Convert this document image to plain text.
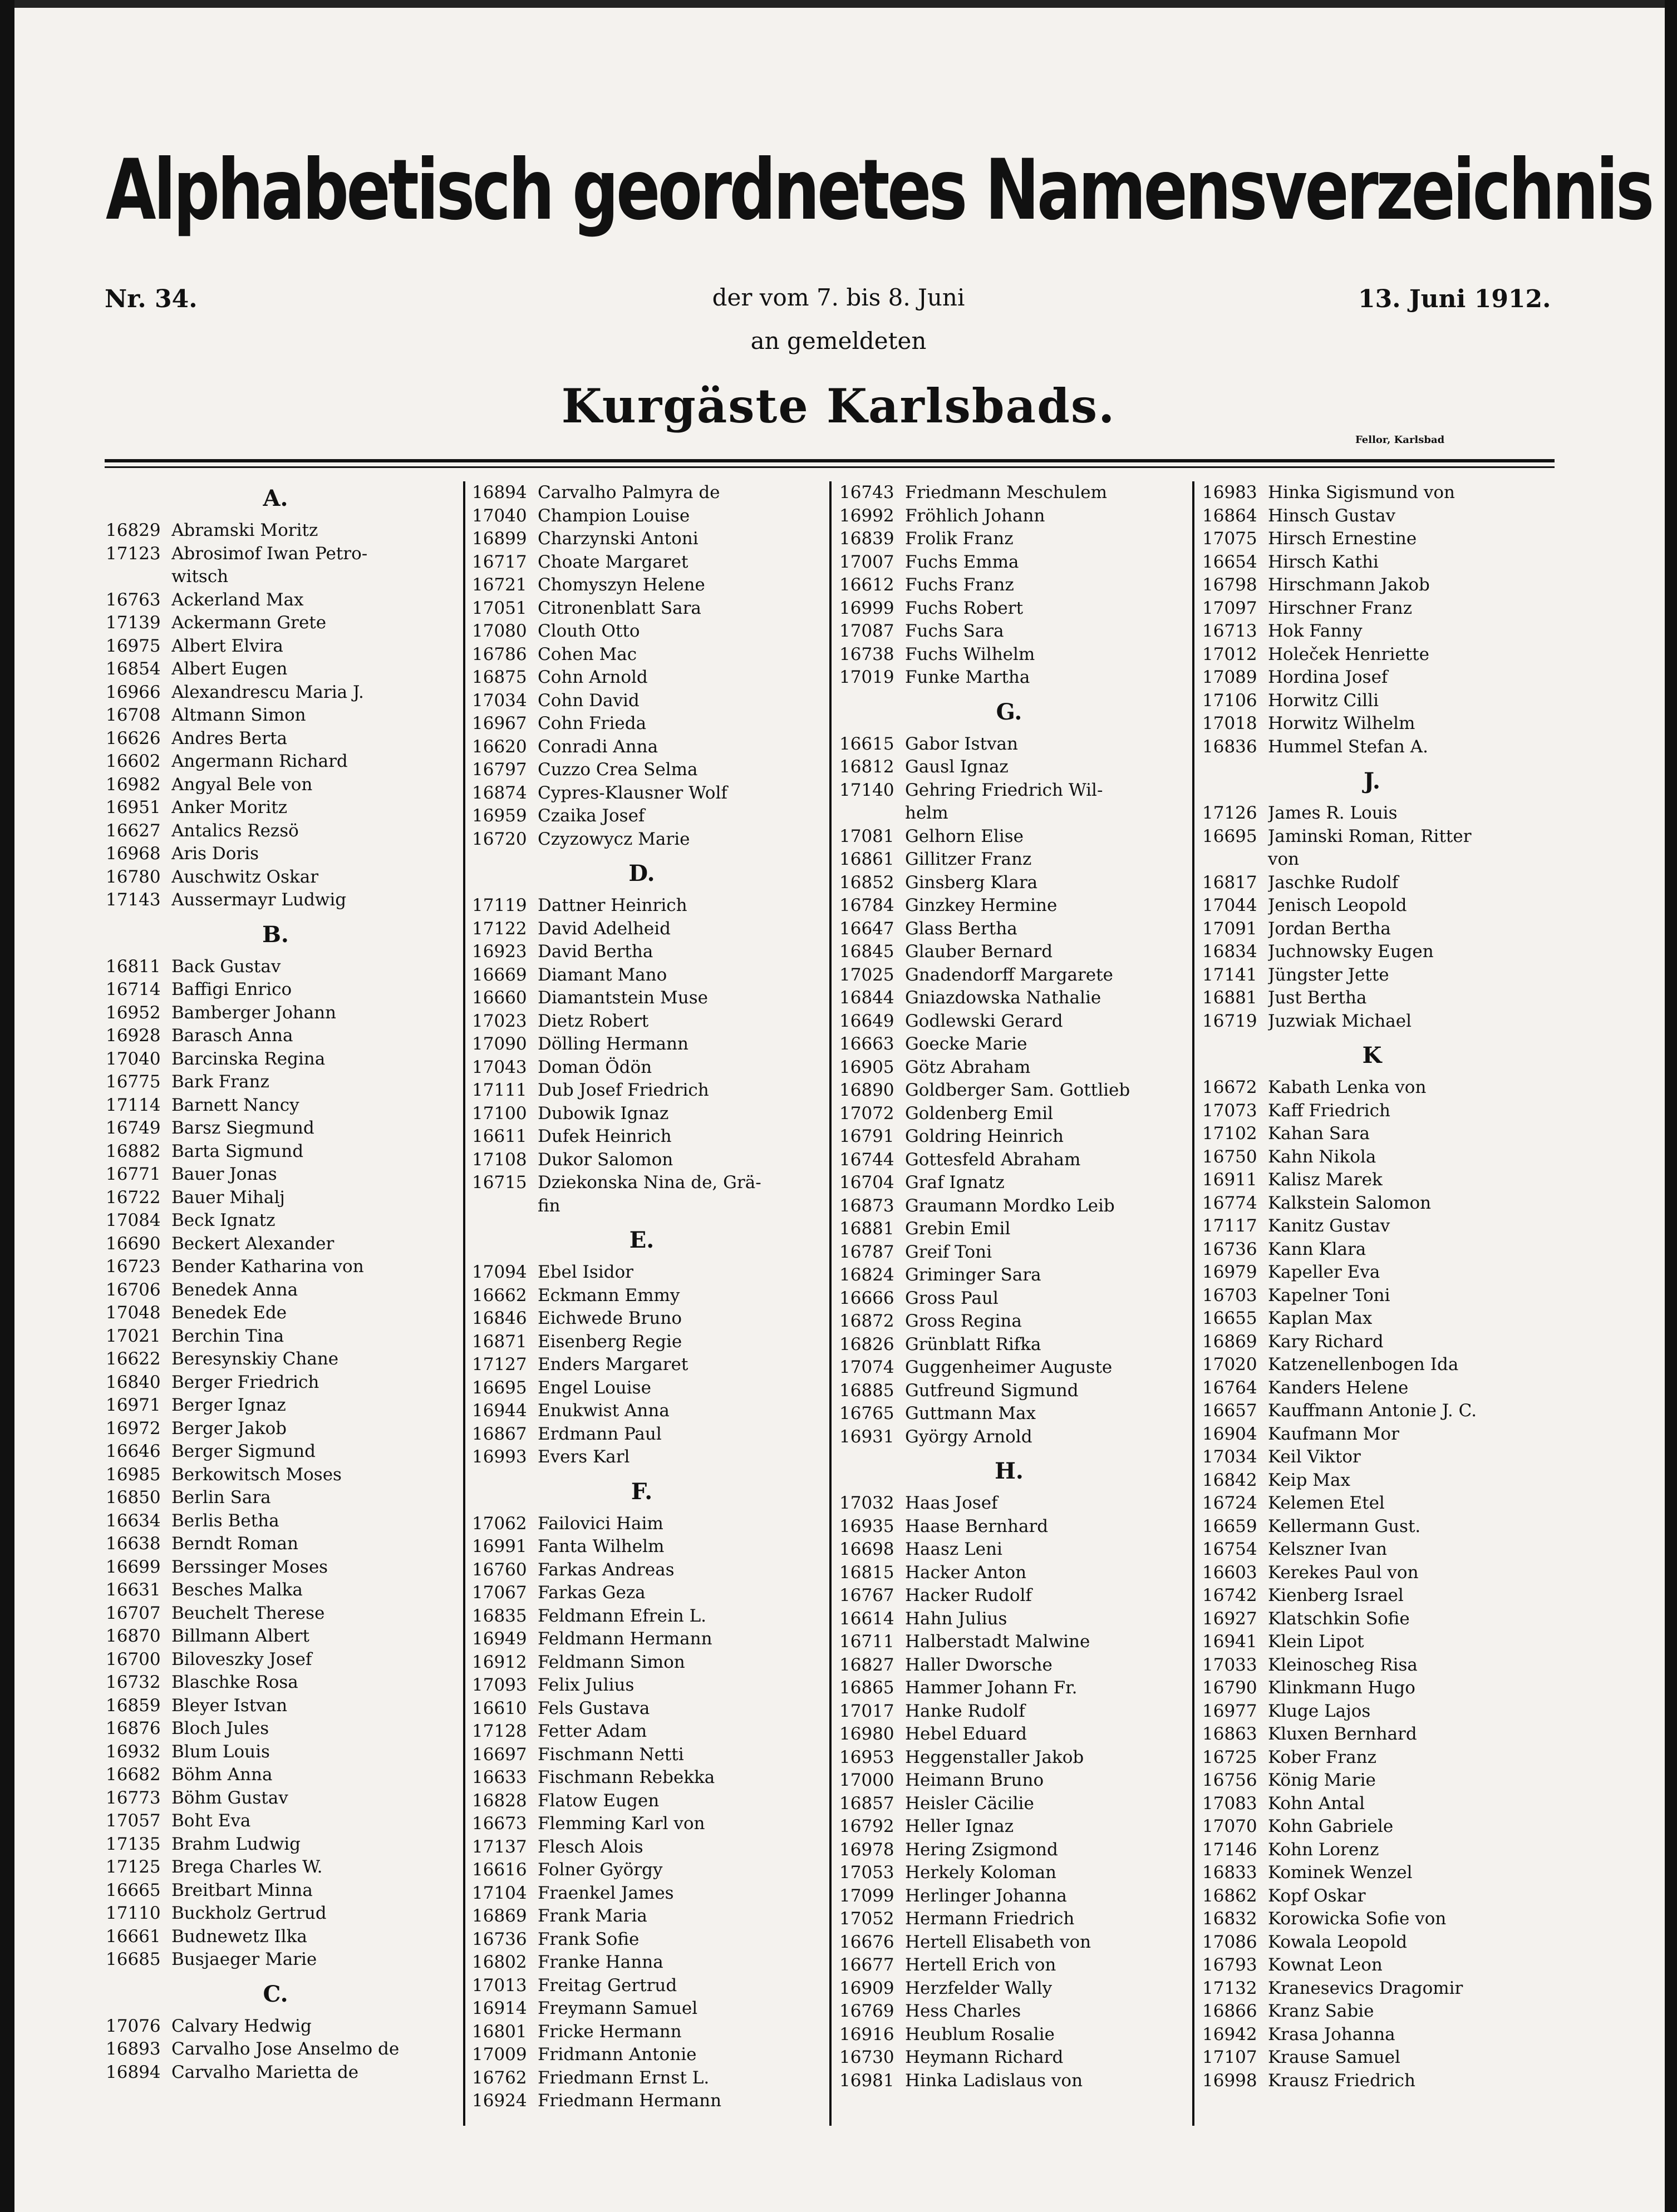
Alphabetisch geordnetes Namensverzeichnis
Nr. 34.	der vom 7. bis 8. Juni	13. Juni 1912.
an gemeldeten
Kurgäste Karlsbads.
Fellor, Karlsbad
A.
16829 Abramski Moritz
17123 Abrosimof Iwan Petro-
witsch
16763 Ackerland Max
17139 Ackermann Grete
16975 Albert Elvira
16854 Albert Eugen
16966 Alexandrescu Maria J.
16708 Altmann Simon
16626 Andres Berta
16602 Angermann Richard
16982 Angyal Bele von
16951 Anker Moritz
16627 Antalics Rezsö
16968 Aris Doris
16780 Auschwitz Oskar
17143 Aussermayr Ludwig
B.
16811 Back Gustav
16714 Baffigi Enrico
16952 Bamberger Johann
16928 Barasch Anna
17040 Barcinska Regina
16775 Bark Franz
17114 Barnett Nancy
16749 Barsz Siegmund
16882 Barta Sigmund
16771 Bauer Jonas
16722 Bauer Mihalj
17084 Beck Ignatz
16690 Beckert Alexander
16723 Bender Katharina von
16706 Benedek Anna
17048 Benedek Ede
17021 Berchin Tina
16622 Beresynskiy Chane
16840 Berger Friedrich
16971 Berger Ignaz
16972 Berger Jakob
16646 Berger Sigmund
16985 Berkowitsch Moses
16850 Berlin Sara
16634 Berlis Betha
16638 Berndt Roman
16699 Berssinger Moses
16631 Besches Malka
16707 Beuchelt Therese
16870 Billmann Albert
16700 Biloveszky Josef
16732 Blaschke Rosa
16859 Bleyer Istvan
16876 Bloch Jules
16932 Blum Louis
16682 Böhm Anna
16773 Böhm Gustav
17057 Boht Eva
17135 Brahm Ludwig
17125 Brega Charles W.
16665 Breitbart Minna
17110 Buckholz Gertrud
16661 Budnewetz Ilka
16685 Busjaeger Marie
C.
17076 Calvary Hedwig
16893 Carvalho Jose Anselmo de
16894 Carvalho Marietta de
16894 Carvalho Palmyra de
17040 Champion Louise
16899 Charzynski Antoni
16717 Choate Margaret
16721 Chomyszyn Helene
17051 Citronenblatt Sara
17080 Clouth Otto
16786 Cohen Mac
16875 Cohn Arnold
17034 Cohn David
16967 Cohn Frieda
16620 Conradi Anna
16797 Cuzzo Crea Selma
16874 Cypres-Klausner Wolf
16959 Czaika Josef
16720 Czyzowycz Marie
D.
17119 Dattner Heinrich
17122 David Adelheid
16923 David Bertha
16669 Diamant Mano
16660 Diamantstein Muse
17023 Dietz Robert
17090 Dölling Hermann
17043 Doman Ödön
17111 Dub Josef Friedrich
17100 Dubowik Ignaz
16611 Dufek Heinrich
17108 Dukor Salomon
16715 Dziekonska Nina de, Grä-
fin
E.
17094 Ebel Isidor
16662 Eckmann Emmy
16846 Eichwede Bruno
16871 Eisenberg Regie
17127 Enders Margaret
16695 Engel Louise
16944 Enukwist Anna
16867 Erdmann Paul
16993 Evers Karl
F.
17062 Failovici Haim
16991 Fanta Wilhelm
16760 Farkas Andreas
17067 Farkas Geza
16835 Feldmann Efrein L.
16949 Feldmann Hermann
16912 Feldmann Simon
17093 Felix Julius
16610 Fels Gustava
17128 Fetter Adam
16697 Fischmann Netti
16633 Fischmann Rebekka
16828 Flatow Eugen
16673 Flemming Karl von
17137 Flesch Alois
16616 Folner György
17104 Fraenkel James
16869 Frank Maria
16736 Frank Sofie
16802 Franke Hanna
17013 Freitag Gertrud
16914 Freymann Samuel
16801 Fricke Hermann
17009 Fridmann Antonie
16762 Friedmann Ernst L.
16924 Friedmann Hermann
16743 Friedmann Meschulem
16992 Fröhlich Johann
16839 Frolik Franz
17007 Fuchs Emma
16612 Fuchs Franz
16999 Fuchs Robert
17087 Fuchs Sara
16738 Fuchs Wilhelm
17019 Funke Martha
G.
16615 Gabor Istvan
16812 Gausl Ignaz
17140 Gehring Friedrich Wil-
helm
17081 Gelhorn Elise
16861 Gillitzer Franz
16852 Ginsberg Klara
16784 Ginzkey Hermine
16647 Glass Bertha
16845 Glauber Bernard
17025 Gnadendorff Margarete
16844 Gniazdowska Nathalie
16649 Godlewski Gerard
16663 Goecke Marie
16905 Götz Abraham
16890 Goldberger Sam. Gottlieb
17072 Goldenberg Emil
16791 Goldring Heinrich
16744 Gottesfeld Abraham
16704 Graf Ignatz
16873 Graumann Mordko Leib
16881 Grebin Emil
16787 Greif Toni
16824 Griminger Sara
16666 Gross Paul
16872 Gross Regina
16826 Grünblatt Rifka
17074 Guggenheimer Auguste
16885 Gutfreund Sigmund
16765 Guttmann Max
16931 György Arnold
H.
17032 Haas Josef
16935 Haase Bernhard
16698 Haasz Leni
16815 Hacker Anton
16767 Hacker Rudolf
16614 Hahn Julius
16711 Halberstadt Malwine
16827 Haller Dworsche
16865 Hammer Johann Fr.
17017 Hanke Rudolf
16980 Hebel Eduard
16953 Heggenstaller Jakob
17000 Heimann Bruno
16857 Heisler Cäcilie
16792 Heller Ignaz
16978 Hering Zsigmond
17053 Herkely Koloman
17099 Herlinger Johanna
17052 Hermann Friedrich
16676 Hertell Elisabeth von
16677 Hertell Erich von
16909 Herzfelder Wally
16769 Hess Charles
16916 Heublum Rosalie
16730 Heymann Richard
16981 Hinka Ladislaus von
16983 Hinka Sigismund von
16864 Hinsch Gustav
17075 Hirsch Ernestine
16654 Hirsch Kathi
16798 Hirschmann Jakob
17097 Hirschner Franz
16713 Hok Fanny
17012 Holeček Henriette
17089 Hordina Josef
17106 Horwitz Cilli
17018 Horwitz Wilhelm
16836 Hummel Stefan A.
J.
17126 James R. Louis
16695 Jaminski Roman, Ritter
von
16817 Jaschke Rudolf
17044 Jenisch Leopold
17091 Jordan Bertha
16834 Juchnowsky Eugen
17141 Jüngster Jette
16881 Just Bertha
16719 Juzwiak Michael
K
16672 Kabath Lenka von
17073 Kaff Friedrich
17102 Kahan Sara
16750 Kahn Nikola
16911 Kalisz Marek
16774 Kalkstein Salomon
17117 Kanitz Gustav
16736 Kann Klara
16979 Kapeller Eva
16703 Kapelner Toni
16655 Kaplan Max
16869 Kary Richard
17020 Katzenellenbogen Ida
16764 Kanders Helene
16657 Kauffmann Antonie J. C.
16904 Kaufmann Mor
17034 Keil Viktor
16842 Keip Max
16724 Kelemen Etel
16659 Kellermann Gust.
16754 Kelszner Ivan
16603 Kerekes Paul von
16742 Kienberg Israel
16927 Klatschkin Sofie
16941 Klein Lipot
17033 Kleinoscheg Risa
16790 Klinkmann Hugo
16977 Kluge Lajos
16863 Kluxen Bernhard
16725 Kober Franz
16756 König Marie
17083 Kohn Antal
17070 Kohn Gabriele
17146 Kohn Lorenz
16833 Kominek Wenzel
16862 Kopf Oskar
16832 Korowicka Sofie von
17086 Kowala Leopold
16793 Kownat Leon
17132 Kranesevics Dragomir
16866 Kranz Sabie
16942 Krasa Johanna
17107 Krause Samuel
16998 Krausz Friedrich
